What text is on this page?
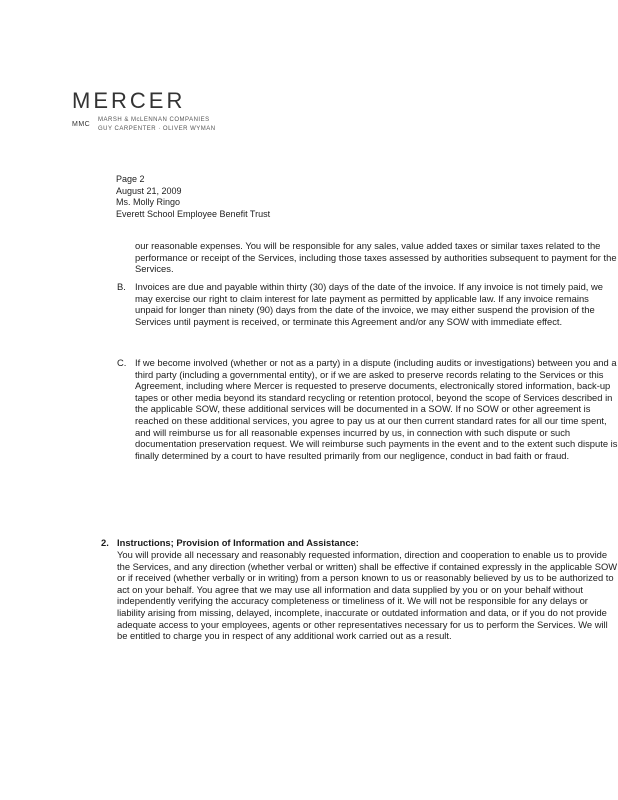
MERCER
MMC
MARSH & McLENNAN COMPANIES
GUY CARPENTER · OLIVER WYMAN
Page 2
August 21, 2009
Ms. Molly Ringo
Everett School Employee Benefit Trust
our reasonable expenses. You will be responsible for any sales, value added taxes or similar taxes related to the performance or receipt of the Services, including those taxes assessed by authorities subsequent to payment for the Services.
B. Invoices are due and payable within thirty (30) days of the date of the invoice. If any invoice is not timely paid, we may exercise our right to claim interest for late payment as permitted by applicable law. If any invoice remains unpaid for longer than ninety (90) days from the date of the invoice, we may either suspend the provision of the Services until payment is received, or terminate this Agreement and/or any SOW with immediate effect.
C. If we become involved (whether or not as a party) in a dispute (including audits or investigations) between you and a third party (including a governmental entity), or if we are asked to preserve records relating to the Services or this Agreement, including where Mercer is requested to preserve documents, electronically stored information, back-up tapes or other media beyond its standard recycling or retention protocol, beyond the scope of Services described in the applicable SOW, these additional services will be documented in a SOW. If no SOW or other agreement is reached on these additional services, you agree to pay us at our then current standard rates for all our time spent, and will reimburse us for all reasonable expenses incurred by us, in connection with such dispute or such documentation preservation request. We will reimburse such payments in the event and to the extent such dispute is finally determined by a court to have resulted primarily from our negligence, conduct in bad faith or fraud.
2. Instructions; Provision of Information and Assistance:
You will provide all necessary and reasonably requested information, direction and cooperation to enable us to provide the Services, and any direction (whether verbal or written) shall be effective if contained expressly in the applicable SOW or if received (whether verbally or in writing) from a person known to us or reasonably believed by us to be authorized to act on your behalf. You agree that we may use all information and data supplied by you or on your behalf without independently verifying the accuracy completeness or timeliness of it. We will not be responsible for any delays or liability arising from missing, delayed, incomplete, inaccurate or outdated information and data, or if you do not provide adequate access to your employees, agents or other representatives necessary for us to perform the Services. We will be entitled to charge you in respect of any additional work carried out as a result.
